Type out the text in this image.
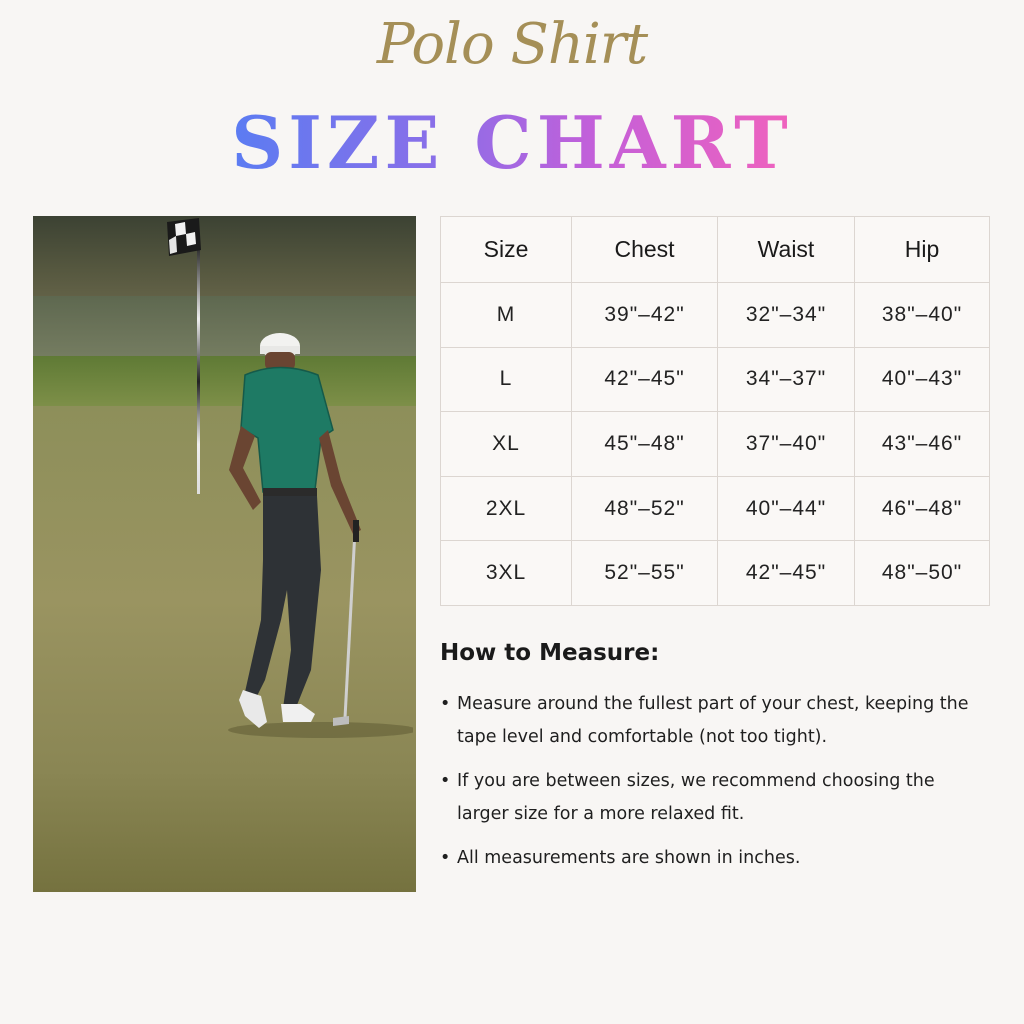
Polo Shirt
SIZE CHART
Size	Chest	Waist	Hip
M	39"–42"	32"–34"	38"–40"
L	42"–45"	34"–37"	40"–43"
XL	45"–48"	37"–40"	43"–46"
2XL	48"–52"	40"–44"	46"–48"
3XL	52"–55"	42"–45"	48"–50"
How to Measure:
• Measure around the fullest part of your chest, keeping the tape level and comfortable (not too tight).
• If you are between sizes, we recommend choosing the larger size for a more relaxed fit.
• All measurements are shown in inches.
